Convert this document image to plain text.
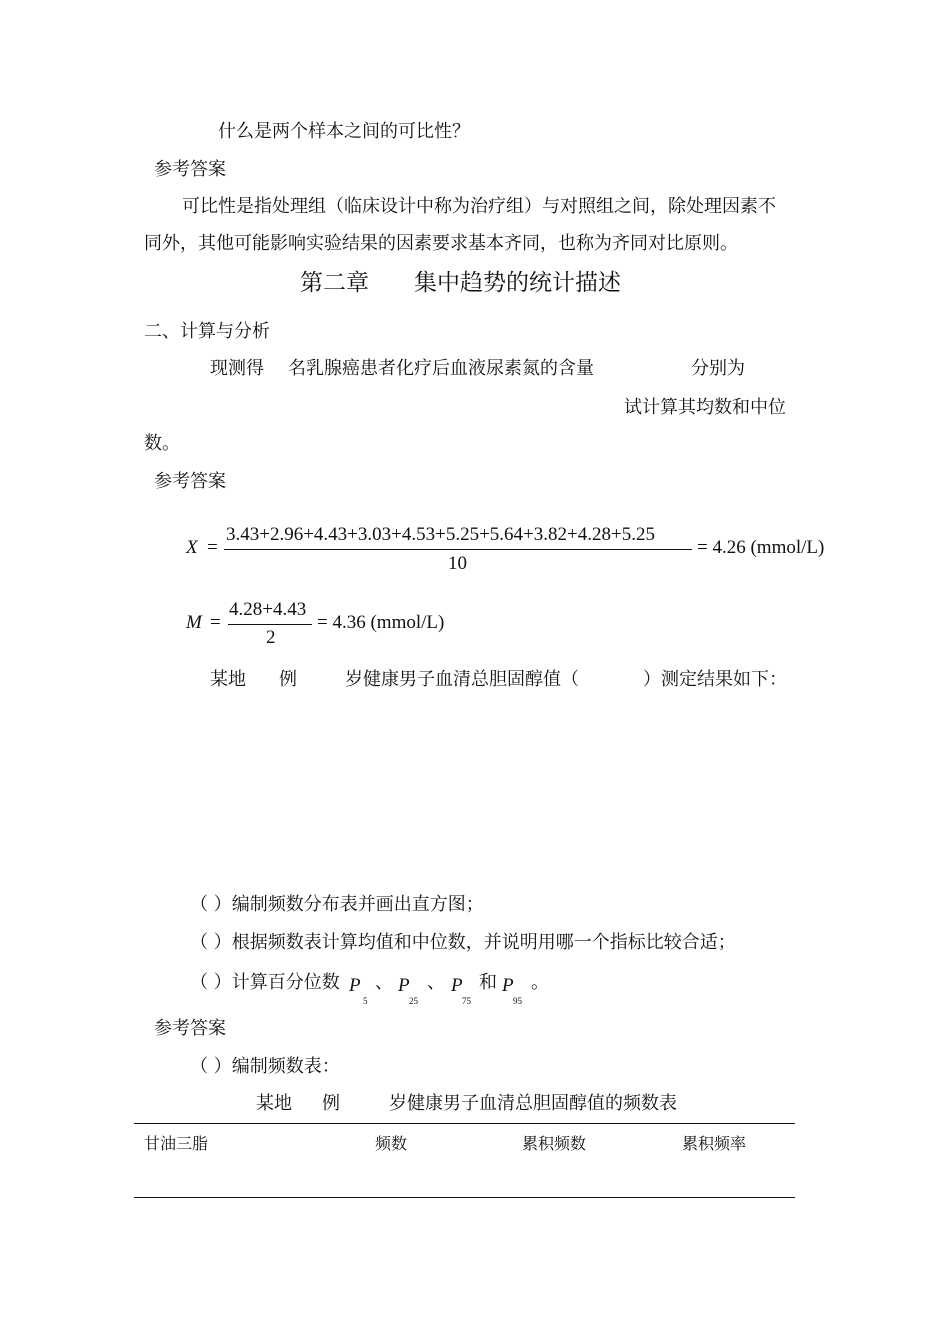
什么是两个样本之间的可比性？
参考答案
可比性是指处理组（临床设计中称为治疗组）与对照组之间，除处理因素不
同外，其他可能影响实验结果的因素要求基本齐同，也称为齐同对比原则。
第二章 集中趋势的统计描述
二、计算与分析
现测得 名乳腺癌患者化疗后血液尿素氮的含量	分别为
试计算其均数和中位
数。
参考答案
X =
3.43+2.96+4.43+3.03+4.53+5.25+5.64+3.82+4.28+5.25
10
= 4.26 (mmol/L)
M =
4.28+4.43
2
= 4.36 (mmol/L)
某地 例	岁健康男子血清总胆固醇值（	）测定结果如下：
（ ）编制频数分布表并画出直方图；
（ ）根据频数表计算均值和中位数，并说明用哪一个指标比较合适；
（ ）计算百分位数 P
5
、 P
25
、 P
75
和 P
95
。
参考答案
（ ）编制频数表：
某地 例	岁健康男子血清总胆固醇值的频数表
甘油三脂	频数	累积频数	累积频率
